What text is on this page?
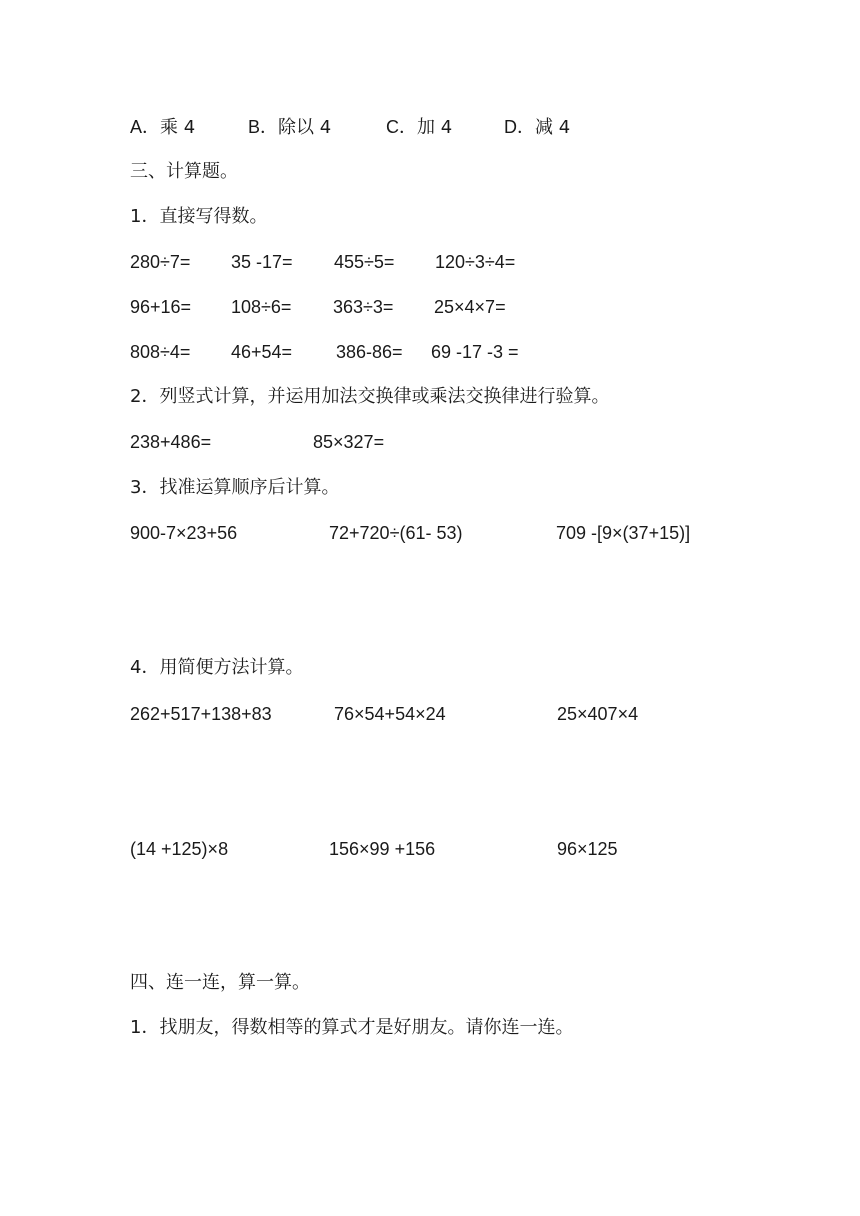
A．乘 4	B．除以 4	C．加 4	D．减 4
三、计算题。
1．直接写得数。
280÷7= 35 -17= 455÷5= 120÷3÷4=
96+16= 108÷6= 363÷3= 25×4×7=
808÷4= 46+54= 386-86= 69 -17 -3 =
2．列竖式计算，并运用加法交换律或乘法交换律进行验算。
238+486=	85×327=
3．找准运算顺序后计算。
900-7×23+56	72+720÷(61- 53)	709 -[9×(37+15)]
4．用简便方法计算。
262+517+138+83	76×54+54×24	25×407×4
(14 +125)×8	156×99 +156	96×125
四、连一连，算一算。
1．找朋友，得数相等的算式才是好朋友。请你连一连。
